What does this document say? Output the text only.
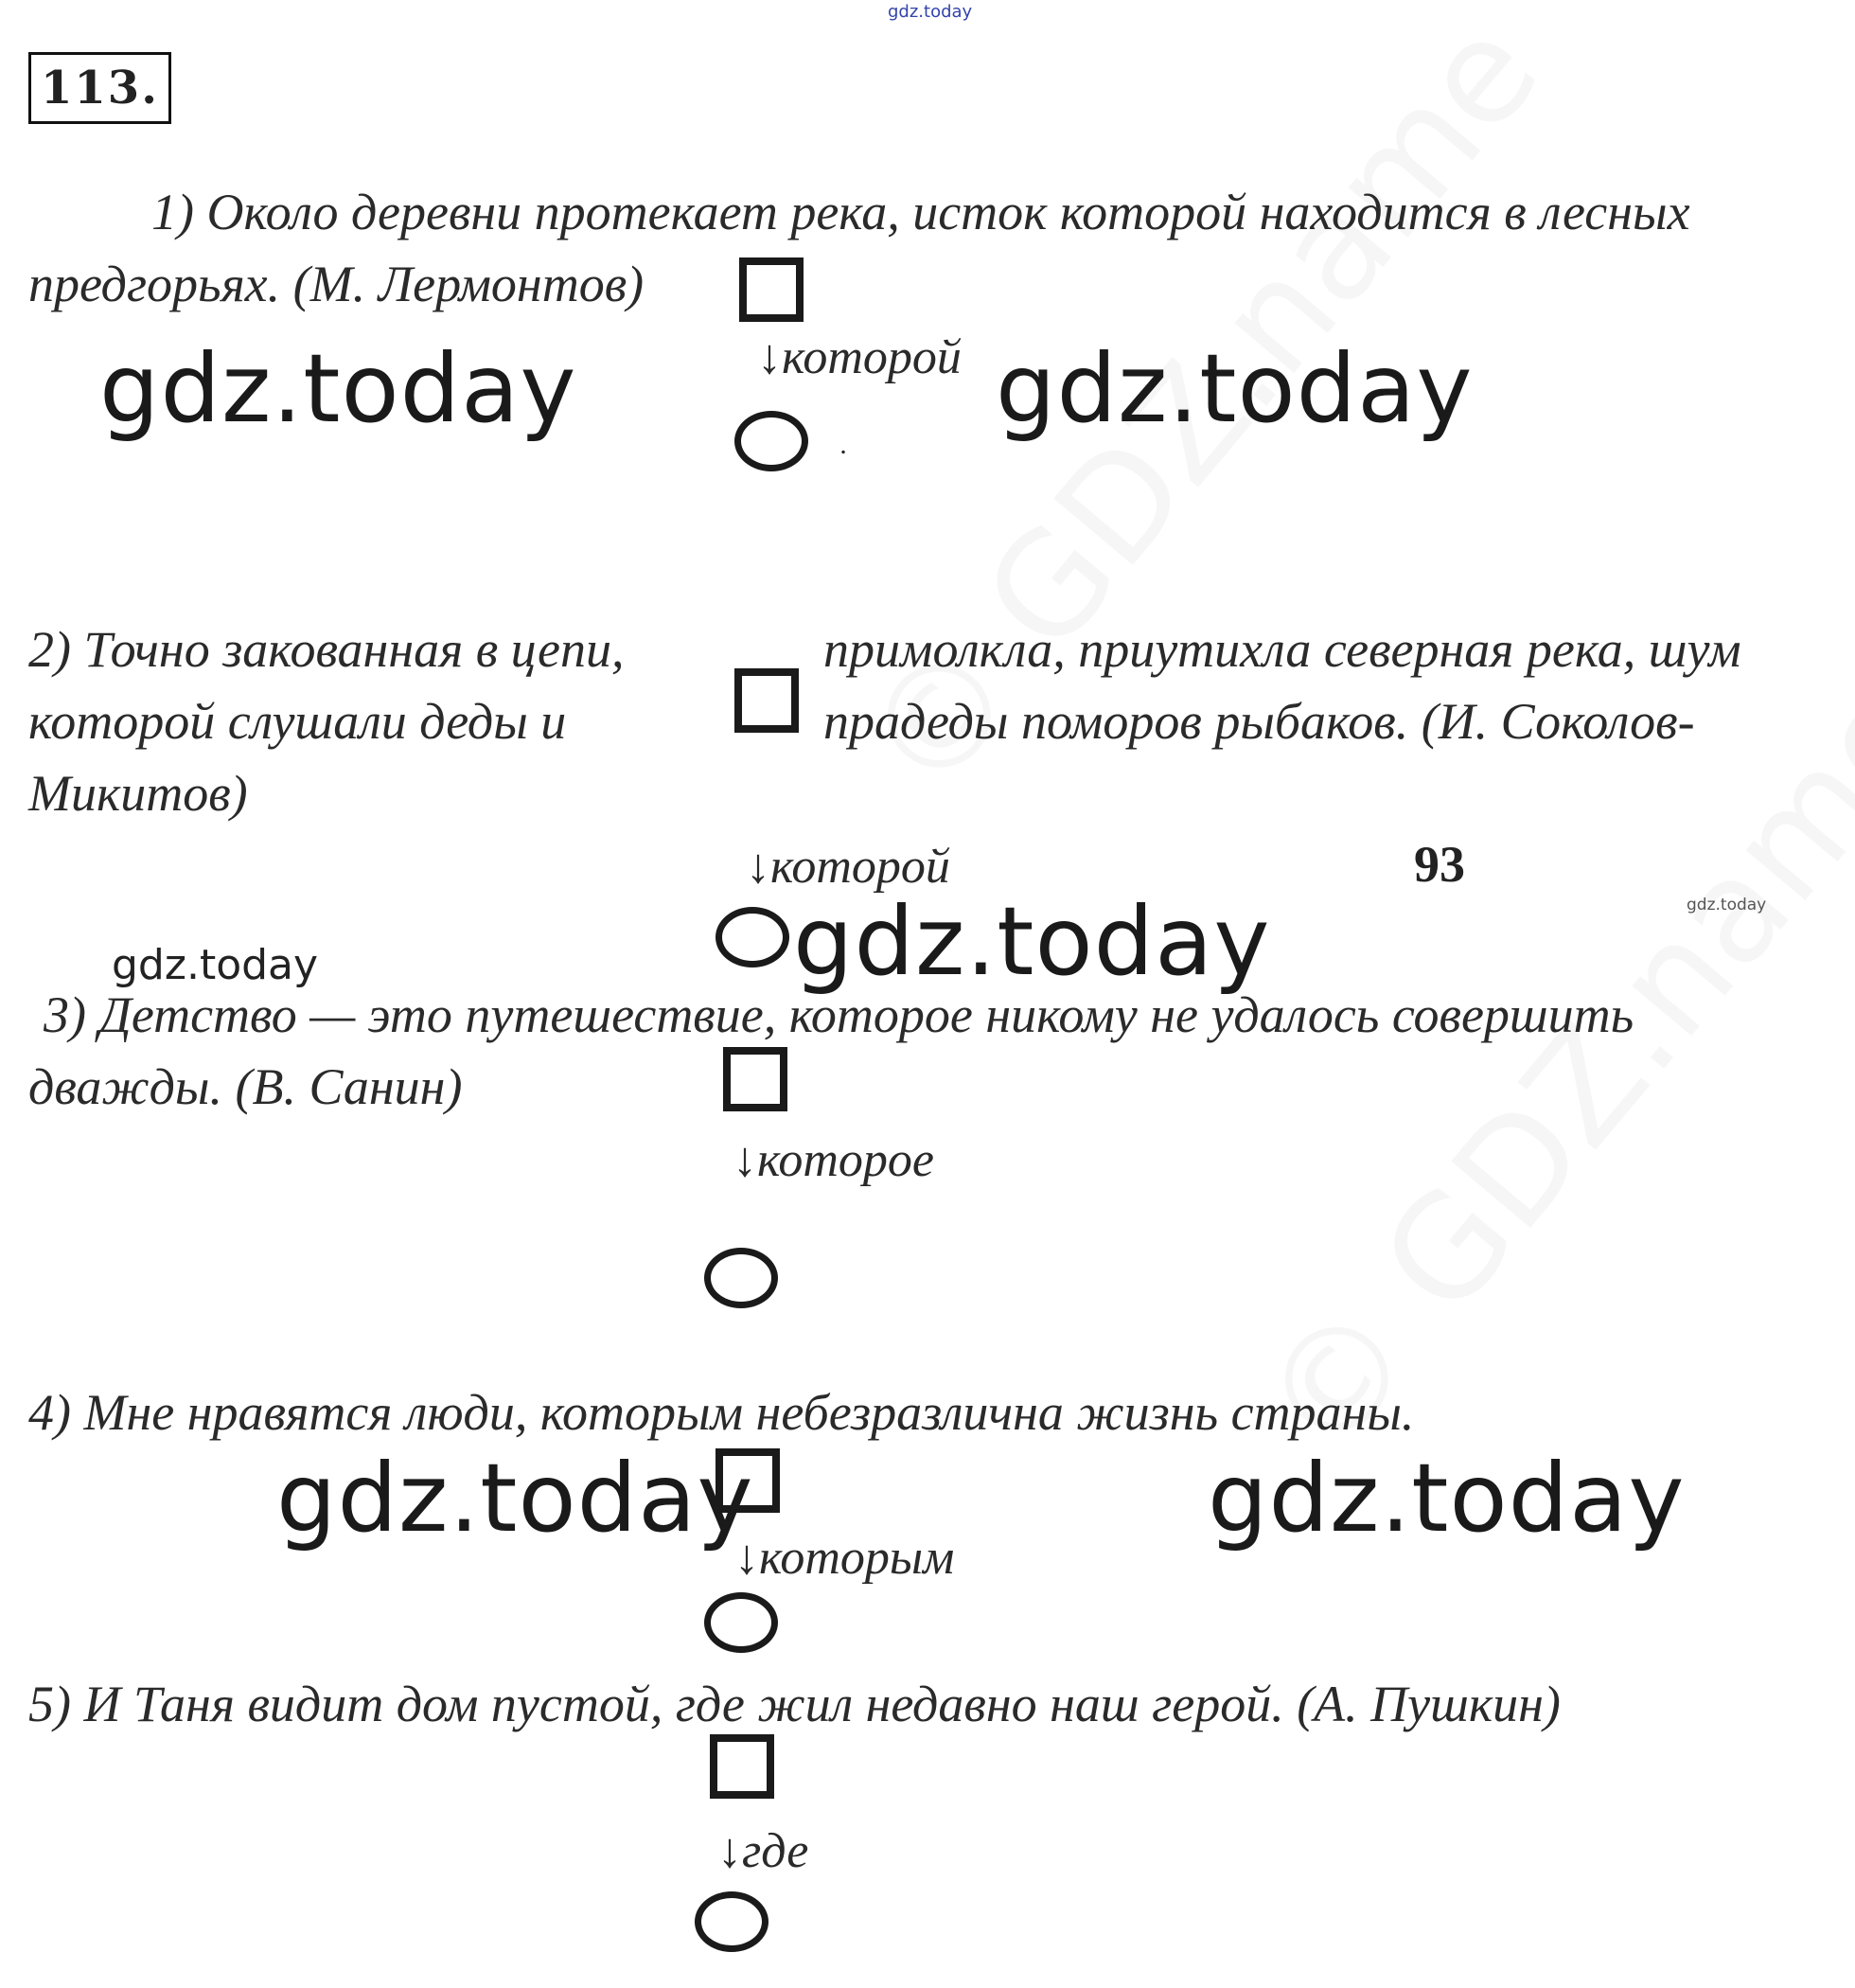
gdz.today
113.

1) Около деревни протекает река, исток которой находится в лесных

предгорьях. (М. Лермонтов)

↓которой
.
gdz.today	gdz.today

2) Точно закованная в цепи,

которой слушали деды и

Микитов)

примолкла, приутихла северная река, шум

прадеды поморов рыбаков. (И. Соколов-

↓которой	93
gdz.today
gdz.today
gdz.today

3) Детство — это путешествие, которое никому не удалось совершить

дважды. (В. Санин)

↓которое

4) Мне нравятся люди, которым небезразлична жизнь страны.

gdz.today	gdz.today
↓которым

5) И Таня видит дом пустой, где жил недавно наш герой. (А. Пушкин)

↓где
